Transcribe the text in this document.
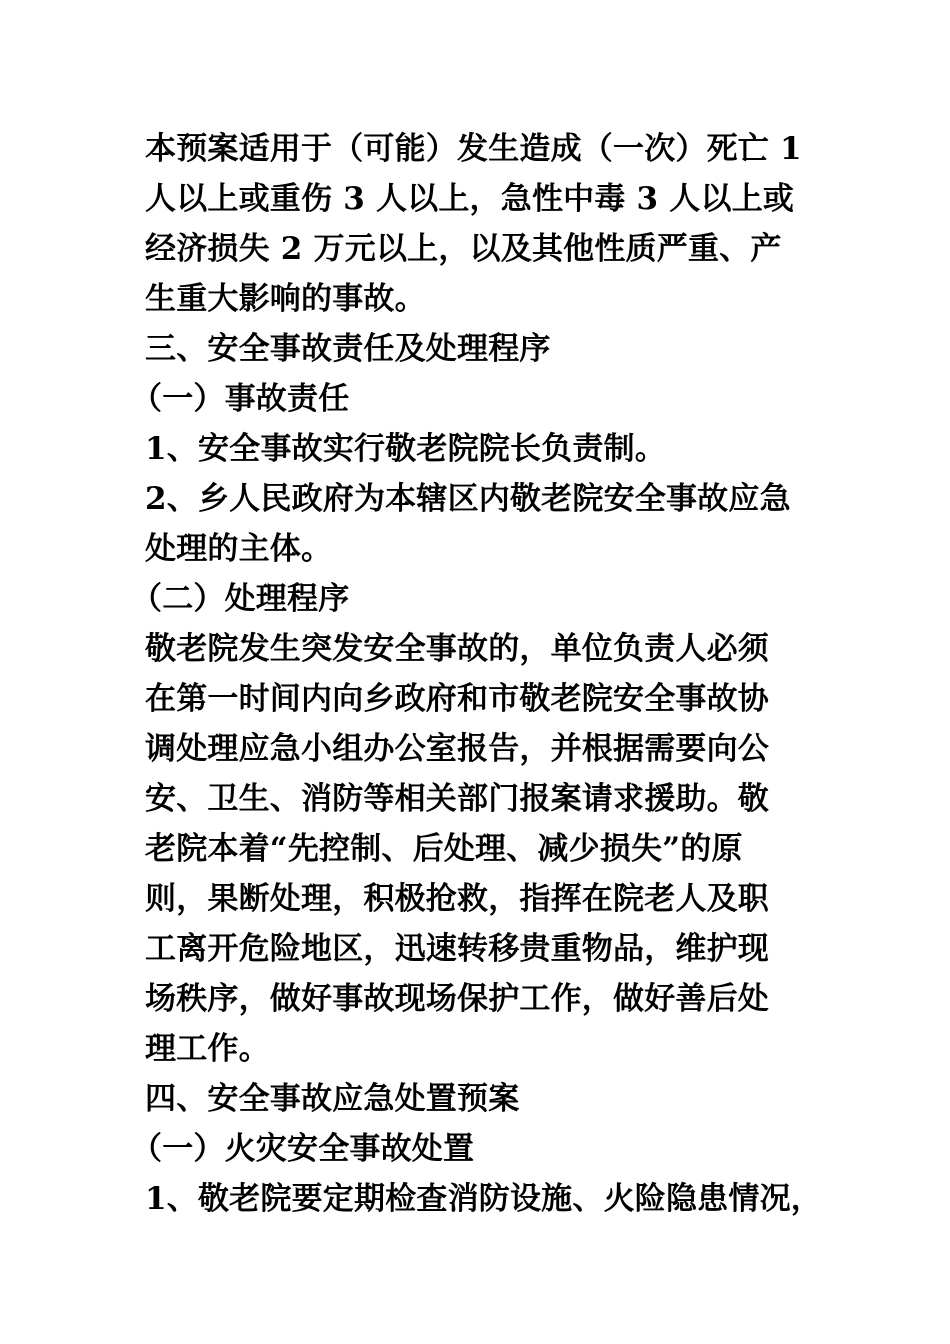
本预案适用于（可能）发生造成（一次）死亡 1
人以上或重伤 3 人以上，急性中毒 3 人以上或
经济损失 2 万元以上，以及其他性质严重、产
生重大影响的事故。
三、安全事故责任及处理程序
（一）事故责任
1、安全事故实行敬老院院长负责制。
2、乡人民政府为本辖区内敬老院安全事故应急
处理的主体。
（二）处理程序
敬老院发生突发安全事故的，单位负责人必须
在第一时间内向乡政府和市敬老院安全事故协
调处理应急小组办公室报告，并根据需要向公
安、卫生、消防等相关部门报案请求援助。敬
老院本着“先控制、后处理、减少损失”的原
则，果断处理，积极抢救，指挥在院老人及职
工离开危险地区，迅速转移贵重物品，维护现
场秩序，做好事故现场保护工作，做好善后处
理工作。
四、安全事故应急处置预案
（一）火灾安全事故处置
1、敬老院要定期检查消防设施、火险隐患情况，
